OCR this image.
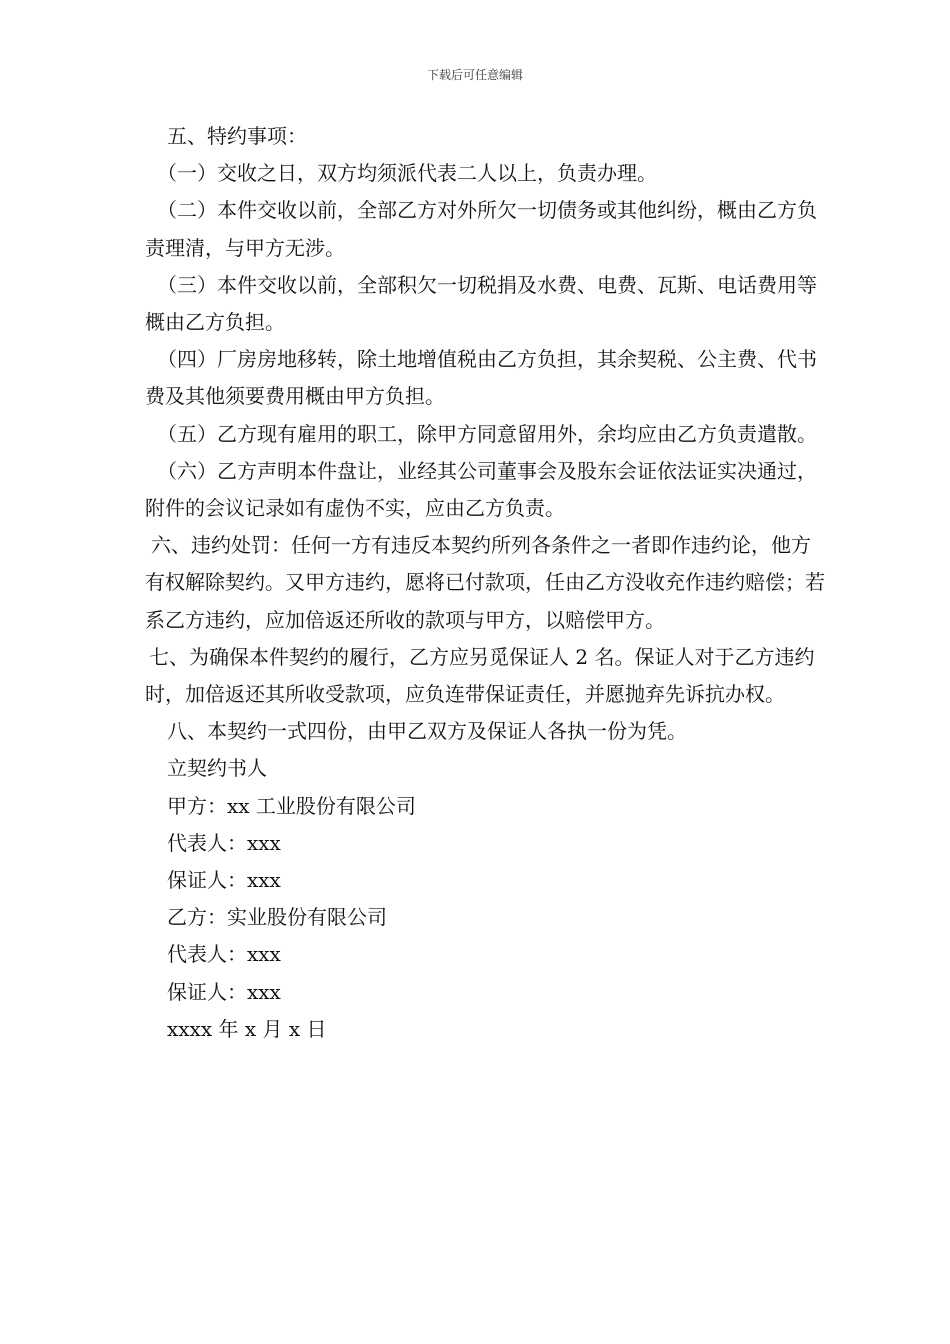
下载后可任意编辑

五、特约事项：

（一）交收之日，双方均须派代表二人以上，负责办理。

（二）本件交收以前，全部乙方对外所欠一切债务或其他纠纷，概由乙方负责理清，与甲方无涉。

（三）本件交收以前，全部积欠一切税捐及水费、电费、瓦斯、电话费用等概由乙方负担。

（四）厂房房地移转，除土地增值税由乙方负担，其余契税、公主费、代书费及其他须要费用概由甲方负担。

（五）乙方现有雇用的职工，除甲方同意留用外，余均应由乙方负责遣散。

（六）乙方声明本件盘让，业经其公司董事会及股东会证依法证实决通过，附件的会议记录如有虚伪不实，应由乙方负责。

六、违约处罚：任何一方有违反本契约所列各条件之一者即作违约论，他方有权解除契约。又甲方违约，愿将已付款项，任由乙方没收充作违约赔偿；若系乙方违约，应加倍返还所收的款项与甲方，以赔偿甲方。

七、为确保本件契约的履行，乙方应另觅保证人 2 名。保证人对于乙方违约时，加倍返还其所收受款项，应负连带保证责任，并愿抛弃先诉抗办权。

八、本契约一式四份，由甲乙双方及保证人各执一份为凭。

立契约书人

甲方：xx 工业股份有限公司

代表人：xxx

保证人：xxx

乙方：实业股份有限公司

代表人：xxx

保证人：xxx

xxxx 年 x 月 x 日
